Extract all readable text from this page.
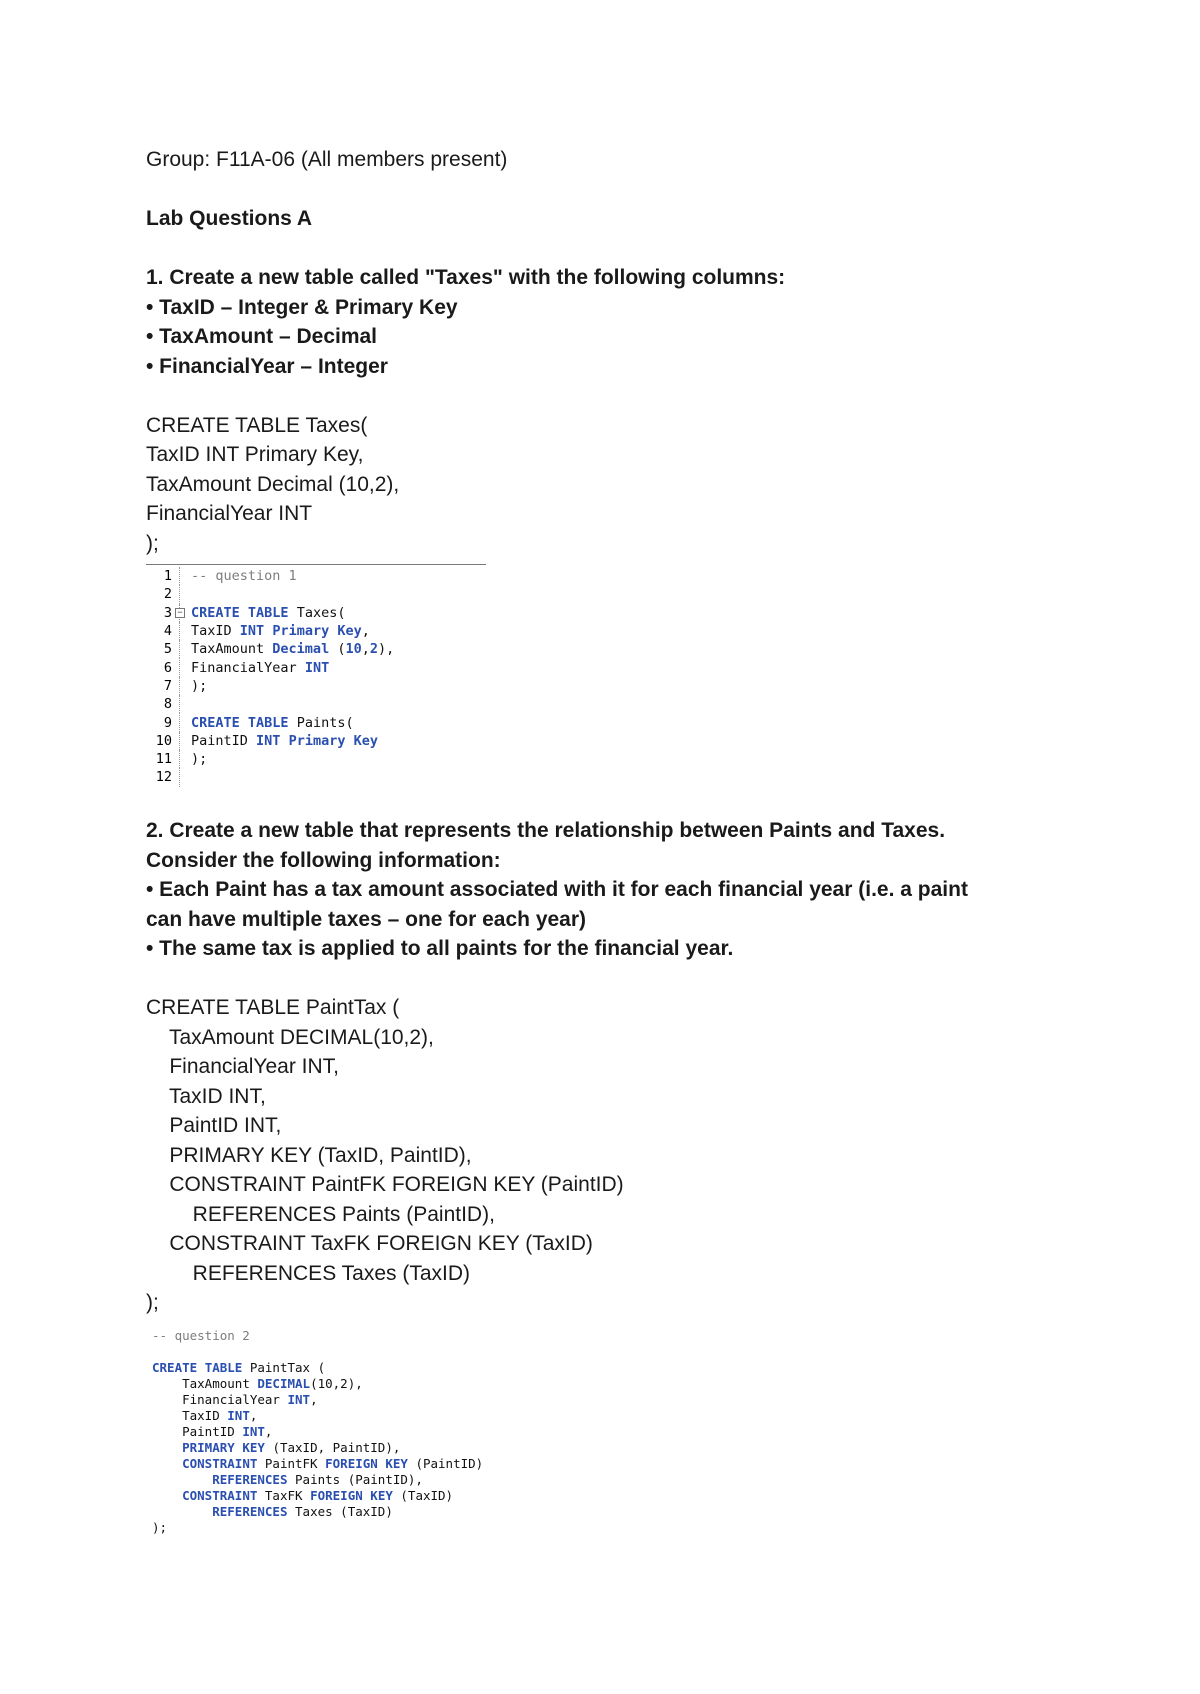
Group: F11A-06 (All members present)
Lab Questions A
1. Create a new table called "Taxes" with the following columns:
• TaxID – Integer & Primary Key
• TaxAmount – Decimal
• FinancialYear – Integer
CREATE TABLE Taxes(
TaxID INT Primary Key,
TaxAmount Decimal (10,2),
FinancialYear INT
);
1	-- question 1
2
3 − CREATE TABLE Taxes(
4	TaxID INT Primary Key,
5	TaxAmount Decimal (10,2),
6	FinancialYear INT
7	);
8
9	CREATE TABLE Paints(
10	PaintID INT Primary Key
11	);
12
2. Create a new table that represents the relationship between Paints and Taxes.
Consider the following information:
• Each Paint has a tax amount associated with it for each financial year (i.e. a paint
can have multiple taxes – one for each year)
• The same tax is applied to all paints for the financial year.
CREATE TABLE PaintTax (
TaxAmount DECIMAL(10,2),
FinancialYear INT,
TaxID INT,
PaintID INT,
PRIMARY KEY (TaxID, PaintID),
CONSTRAINT PaintFK FOREIGN KEY (PaintID)
REFERENCES Paints (PaintID),
CONSTRAINT TaxFK FOREIGN KEY (TaxID)
REFERENCES Taxes (TaxID)
);
-- question 2
CREATE TABLE PaintTax (
TaxAmount DECIMAL(10,2),
FinancialYear INT,
TaxID INT,
PaintID INT,
PRIMARY KEY (TaxID, PaintID),
CONSTRAINT PaintFK FOREIGN KEY (PaintID)
REFERENCES Paints (PaintID),
CONSTRAINT TaxFK FOREIGN KEY (TaxID)
REFERENCES Taxes (TaxID)
);
